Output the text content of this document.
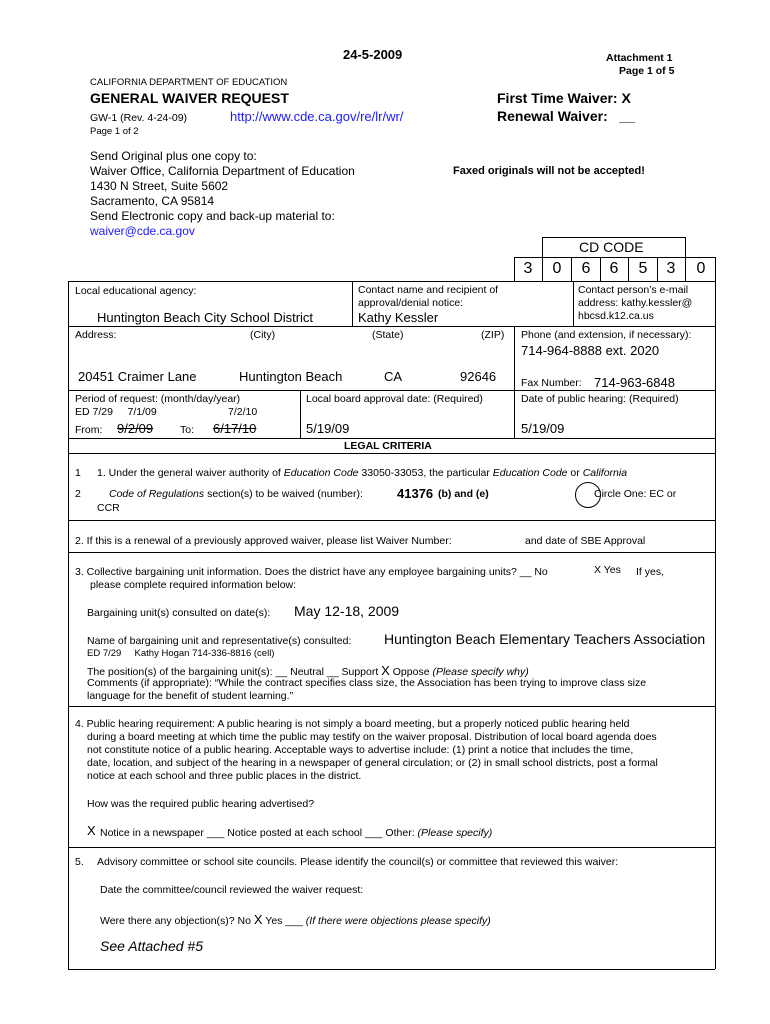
24-5-2009	Attachment 1
Page 1 of 5
CALIFORNIA DEPARTMENT OF EDUCATION
GENERAL WAIVER REQUEST
GW-1 (Rev. 4-24-09)	http://www.cde.ca.gov/re/lr/wr/
Page 1 of 2
First Time Waiver: X
Renewal Waiver:   __
Send Original plus one copy to:
Waiver Office, California Department of Education
1430 N Street, Suite 5602
Sacramento, CA 95814
Send Electronic copy and back-up material to:
waiver@cde.ca.gov
Faxed originals will not be accepted!
CD CODE
3	0	6	6	5	3	0
Local educational agency:
Huntington Beach City School District
Contact name and recipient of
approval/denial notice:
Kathy Kessler
Contact person’s e-mail
address: kathy.kessler@
hbcsd.k12.ca.us
Address:	(City)	(State)	(ZIP)
20451 Craimer Lane	Huntington Beach	CA	92646
Phone (and extension, if necessary):
714-964-8888 ext. 2020
Fax Number: 714-963-6848
Period of request: (month/day/year)
ED 7/29     7/1/09	7/2/10
From: 9/2/09	To: 6/17/10
Local board approval date: (Required)
5/19/09
Date of public hearing: (Required)
5/19/09
LEGAL CRITERIA
1 1. Under the general waiver authority of Education Code 33050-33053, the particular Education Code or California
2	Code of Regulations section(s) to be waived (number):	41376 (b) and (e)	Circle One: EC or
CCR
2. If this is a renewal of a previously approved waiver, please list Waiver Number:	and date of SBE Approval
3. Collective bargaining unit information. Does the district have any employee bargaining units? __ No	X Yes If yes,
please complete required information below:
Bargaining unit(s) consulted on date(s): May 12-18, 2009
Name of bargaining unit and representative(s) consulted: Huntington Beach Elementary Teachers Association
ED 7/29     Kathy Hogan 714-336-8816 (cell)
The position(s) of the bargaining unit(s): __ Neutral __ Support X Oppose (Please specify why)
Comments (if appropriate): “While the contract specifies class size, the Association has been trying to improve class size
language for the benefit of student learning.”
4. Public hearing requirement: A public hearing is not simply a board meeting, but a properly noticed public hearing held
during a board meeting at which time the public may testify on the waiver proposal. Distribution of local board agenda does
not constitute notice of a public hearing. Acceptable ways to advertise include: (1) print a notice that includes the time,
date, location, and subject of the hearing in a newspaper of general circulation; or (2) in small school districts, post a formal
notice at each school and three public places in the district.
How was the required public hearing advertised?
X Notice in a newspaper ___ Notice posted at each school ___ Other: (Please specify)
5. Advisory committee or school site councils. Please identify the council(s) or committee that reviewed this waiver:
Date the committee/council reviewed the waiver request:
Were there any objection(s)? No X Yes ___ (If there were objections please specify)
See Attached #5
